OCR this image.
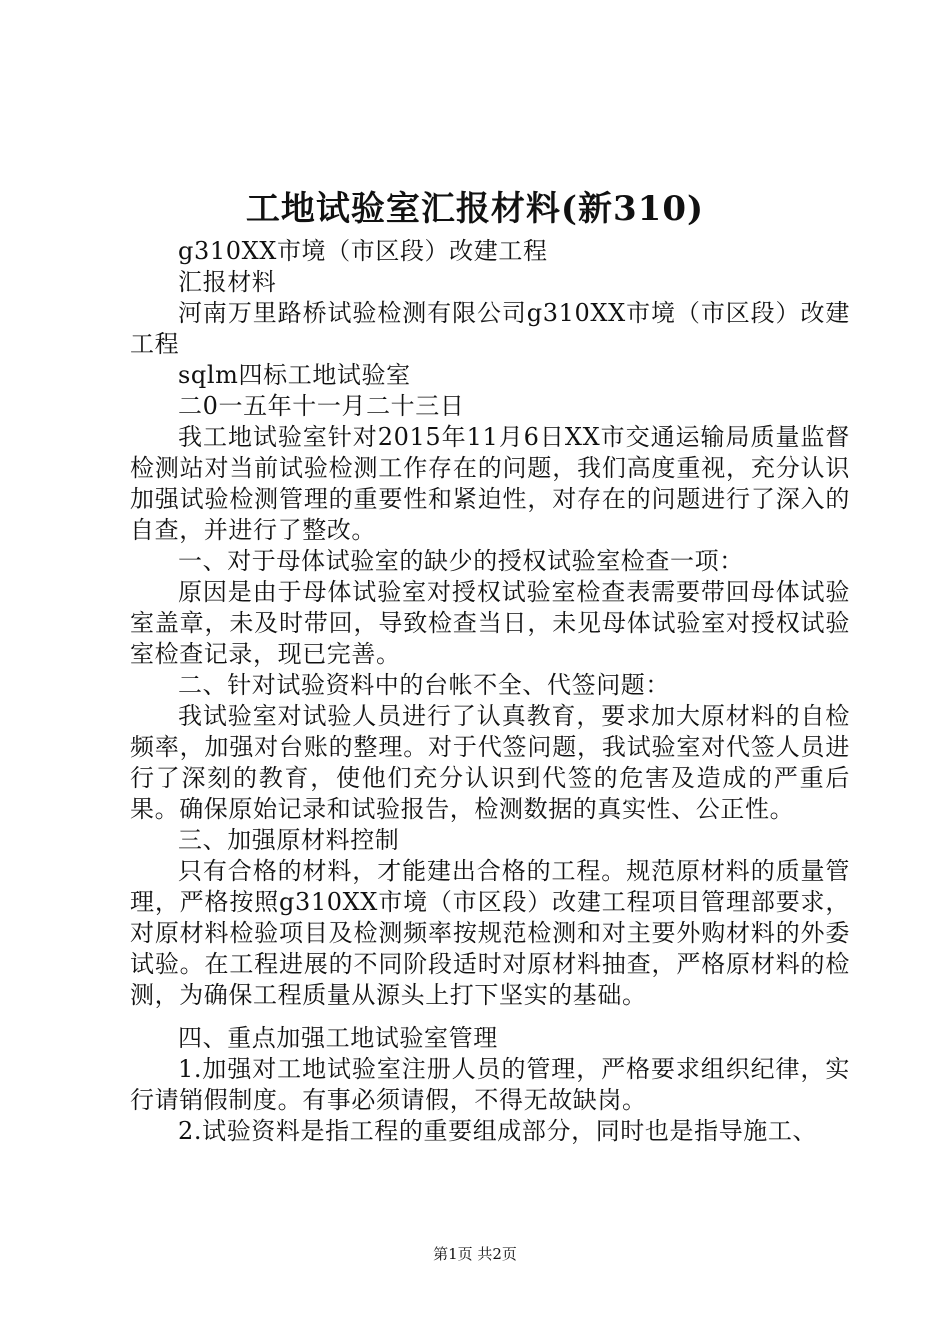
工地试验室汇报材料(新310)

g310XX市境（市区段）改建工程

汇报材料

河南万里路桥试验检测有限公司g310XX市境（市区段）改建工程

sqlm四标工地试验室

二0一五年十一月二十三日

我工地试验室针对2015年11月6日XX市交通运输局质量监督检测站对当前试验检测工作存在的问题，我们高度重视，充分认识加强试验检测管理的重要性和紧迫性，对存在的问题进行了深入的自查，并进行了整改。

一、对于母体试验室的缺少的授权试验室检查一项：

原因是由于母体试验室对授权试验室检查表需要带回母体试验室盖章，未及时带回，导致检查当日，未见母体试验室对授权试验室检查记录，现已完善。

二、针对试验资料中的台帐不全、代签问题：

我试验室对试验人员进行了认真教育，要求加大原材料的自检频率，加强对台账的整理。对于代签问题，我试验室对代签人员进行了深刻的教育，使他们充分认识到代签的危害及造成的严重后果。确保原始记录和试验报告，检测数据的真实性、公正性。

三、加强原材料控制

只有合格的材料，才能建出合格的工程。规范原材料的质量管理，严格按照g310XX市境（市区段）改建工程项目管理部要求，对原材料检验项目及检测频率按规范检测和对主要外购材料的外委试验。在工程进展的不同阶段适时对原材料抽查，严格原材料的检测，为确保工程质量从源头上打下坚实的基础。

四、重点加强工地试验室管理

1.加强对工地试验室注册人员的管理，严格要求组织纪律，实行请销假制度。有事必须请假，不得无故缺岗。

2.试验资料是指工程的重要组成部分，同时也是指导施工、

第1页 共2页
